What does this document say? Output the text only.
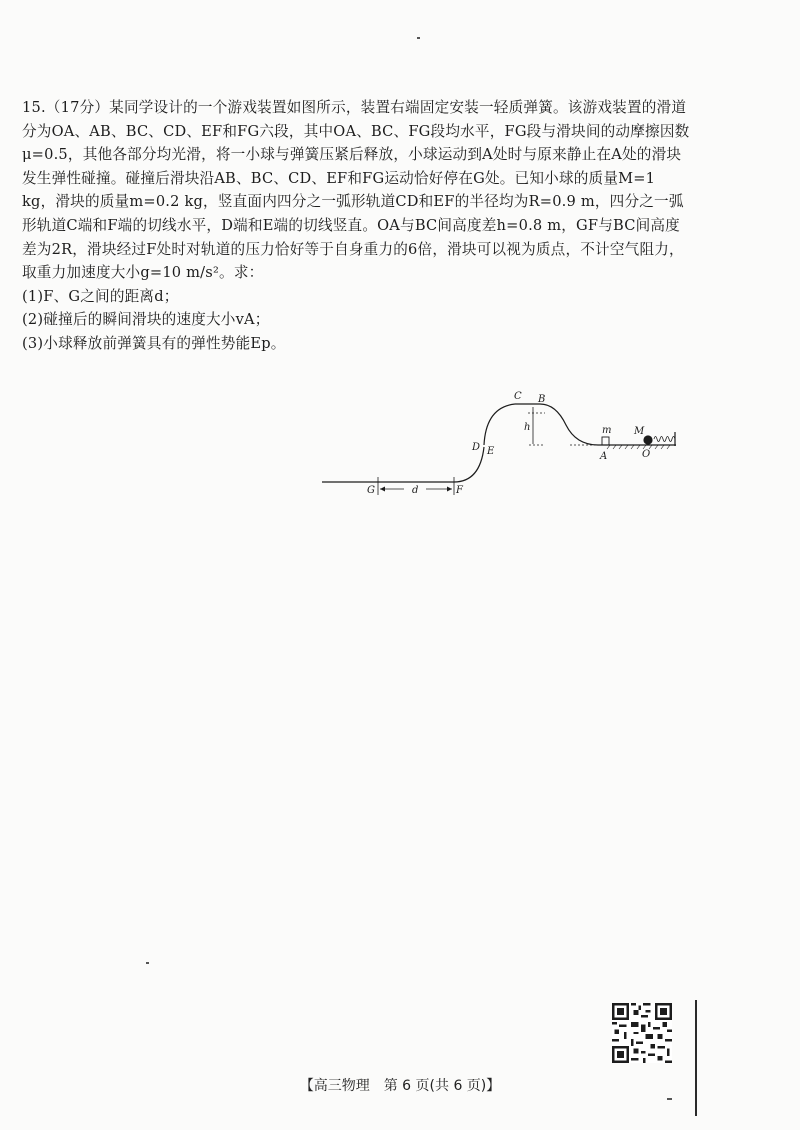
15.（17分）某同学设计的一个游戏装置如图所示，装置右端固定安装一轻质弹簧。该游戏装置的滑道分为OA、AB、BC、CD、EF和FG六段，其中OA、BC、FG段均水平，FG段与滑块间的动摩擦因数μ=0.5，其他各部分均光滑，将一小球与弹簧压紧后释放，小球运动到A处时与原来静止在A处的滑块发生弹性碰撞。碰撞后滑块沿AB、BC、CD、EF和FG运动恰好停在G处。已知小球的质量M=1 kg，滑块的质量m=0.2 kg，竖直面内四分之一弧形轨道CD和EF的半径均为R=0.9 m，四分之一弧形轨道C端和F端的切线水平，D端和E端的切线竖直。OA与BC间高度差h=0.8 m，GF与BC间高度差为2R，滑块经过F处时对轨道的压力恰好等于自身重力的6倍，滑块可以视为质点，不计空气阻力，取重力加速度大小g=10 m/s²。求：

(1)F、G之间的距离d；

(2)碰撞后的瞬间滑块的速度大小vA；

(3)小球释放前弹簧具有的弹性势能Ep。

C B
h	m M
D E	A	O
G	d	F
【高三物理　第 6 页(共 6 页)】
